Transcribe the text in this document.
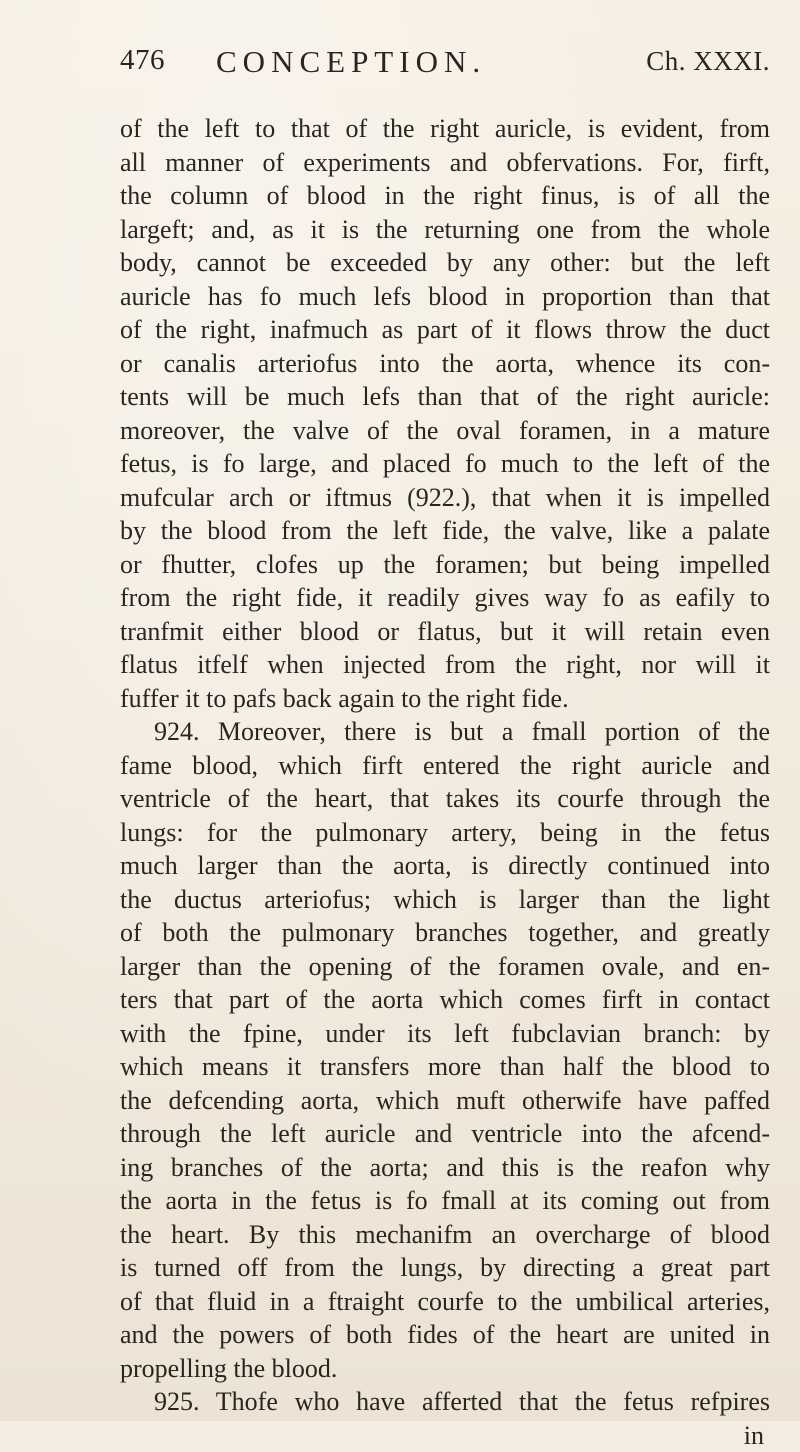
476 CONCEPTION.	Ch. XXXI.
of the left to that of the right auricle, is evident, from
all manner of experiments and obfervations. For, firft,
the column of blood in the right finus, is of all the
largeft; and, as it is the returning one from the whole
body, cannot be exceeded by any other: but the left
auricle has fo much lefs blood in proportion than that
of the right, inafmuch as part of it flows throw the duct
or canalis arteriofus into the aorta, whence its con-
tents will be much lefs than that of the right auricle:
moreover, the valve of the oval foramen, in a mature
fetus, is fo large, and placed fo much to the left of the
mufcular arch or iftmus (922.), that when it is impelled
by the blood from the left fide, the valve, like a palate
or fhutter, clofes up the foramen; but being impelled
from the right fide, it readily gives way fo as eafily to
tranfmit either blood or flatus, but it will retain even
flatus itfelf when injected from the right, nor will it
fuffer it to pafs back again to the right fide.
924. Moreover, there is but a fmall portion of the
fame blood, which firft entered the right auricle and
ventricle of the heart, that takes its courfe through the
lungs: for the pulmonary artery, being in the fetus
much larger than the aorta, is directly continued into
the ductus arteriofus; which is larger than the light
of both the pulmonary branches together, and greatly
larger than the opening of the foramen ovale, and en-
ters that part of the aorta which comes firft in contact
with the fpine, under its left fubclavian branch: by
which means it transfers more than half the blood to
the defcending aorta, which muft otherwife have paffed
through the left auricle and ventricle into the afcend-
ing branches of the aorta; and this is the reafon why
the aorta in the fetus is fo fmall at its coming out from
the heart. By this mechanifm an overcharge of blood
is turned off from the lungs, by directing a great part
of that fluid in a ftraight courfe to the umbilical arteries,
and the powers of both fides of the heart are united in
propelling the blood.
925. Thofe who have afferted that the fetus refpires
in
